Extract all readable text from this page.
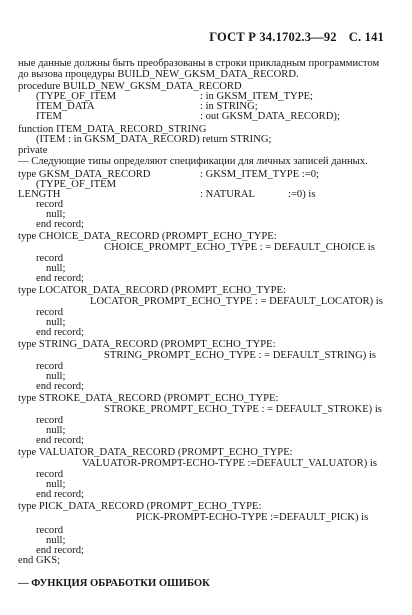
ГОСТ Р 34.1702.3—92 С. 141
ные данные должны быть преобразованы в строки прикладным программистом
до вызова процедуры BUILD_NEW_GKSM_DATA_RECORD.
procedure BUILD_NEW_GKSM_DATA_RECORD
(TYPE_OF_ITEM	: in GKSM_ITEM_TYPE;
ITEM_DATA	: in STRING;
ITEM	: out GKSM_DATA_RECORD);
function ITEM_DATA_RECORD_STRING
(ITEM : in GKSM_DATA_RECORD) return STRING;
private
— Следующие типы определяют спецификации для личных записей данных.
type GKSM_DATA_RECORD	: GKSM_ITEM_TYPE :=0;
(TYPE_OF_ITEM
LENGTH	: NATURAL	:=0) is
record
null;
end record;
type CHOICE_DATA_RECORD (PROMPT_ECHO_TYPE:
CHOICE_PROMPT_ECHO_TYPE : = DEFAULT_CHOICE is
record
null;
end record;
type LOCATOR_DATA_RECORD (PROMPT_ECHO_TYPE:
LOCATOR_PROMPT_ECHO_TYPE : = DEFAULT_LOCATOR) is
record
null;
end record;
type STRING_DATA_RECORD (PROMPT_ECHO_TYPE:
STRING_PROMPT_ECHO_TYPE : = DEFAULT_STRING) is
record
null;
end record;
type STROKE_DATA_RECORD (PROMPT_ECHO_TYPE:
STROKE_PROMPT_ECHO_TYPE : = DEFAULT_STROKE) is
record
null;
end record;
type VALUATOR_DATA_RECORD (PROMPT_ECHO_TYPE:
VALUATOR-PROMPT-ECHO-TYPE :=DEFAULT_VALUATOR) is
record
null;
end record;
type PICK_DATA_RECORD (PROMPT_ECHO_TYPE:
PICK-PROMPT-ECHO-TYPE :=DEFAULT_PICK) is
record
null;
end record;
end GKS;
— ФУНКЦИЯ ОБРАБОТКИ ОШИБОК
